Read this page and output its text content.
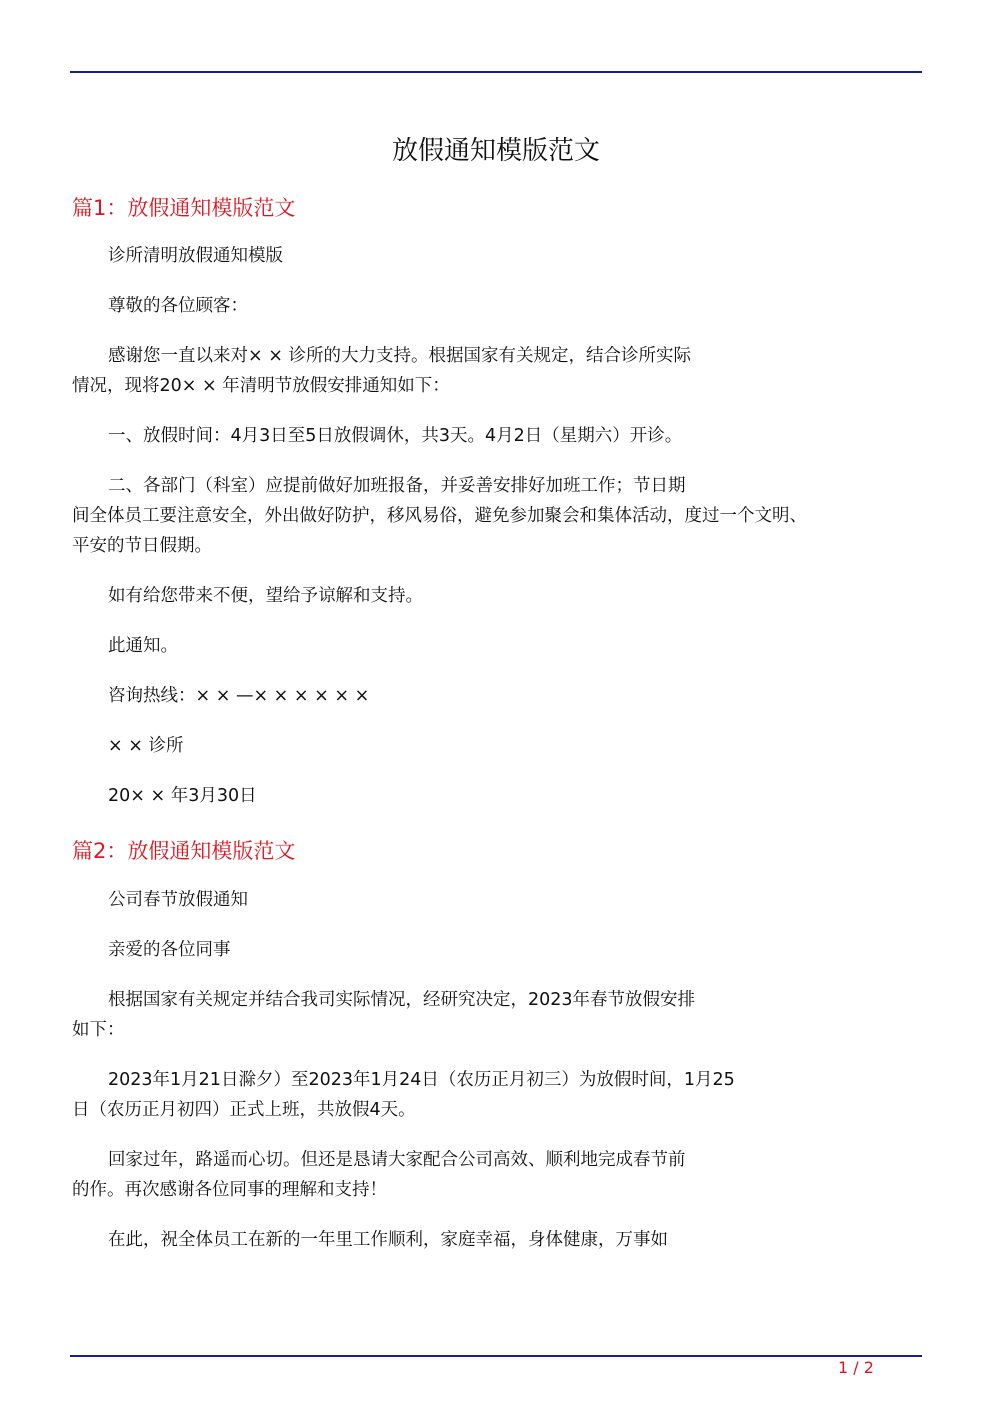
放假通知模版范文
篇1：放假通知模版范文
诊所清明放假通知模版
尊敬的各位顾客：
感谢您一直以来对× × 诊所的大力支持。根据国家有关规定，结合诊所实际
情况，现将20× × 年清明节放假安排通知如下：
一、放假时间：4月3日至5日放假调休，共3天。4月2日（星期六）开诊。
二、各部门（科室）应提前做好加班报备，并妥善安排好加班工作；节日期
间全体员工要注意安全，外出做好防护，移风易俗，避免参加聚会和集体活动，度过一个文明、
平安的节日假期。
如有给您带来不便，望给予谅解和支持。
此通知。
咨询热线：× × —× × × × × ×
× × 诊所
20× × 年3月30日
篇2：放假通知模版范文
公司春节放假通知
亲爱的各位同事
根据国家有关规定并结合我司实际情况，经研究决定，2023年春节放假安排
如下：
2023年1月21日滁夕）至2023年1月24日（农历正月初三）为放假时间，1月25
日（农历正月初四）正式上班，共放假4天。
回家过年，路遥而心切。但还是恳请大家配合公司高效、顺利地完成春节前
的作。再次感谢各位同事的理解和支持！
在此，祝全体员工在新的一年里工作顺利，家庭幸福，身体健康，万事如
1 / 2
